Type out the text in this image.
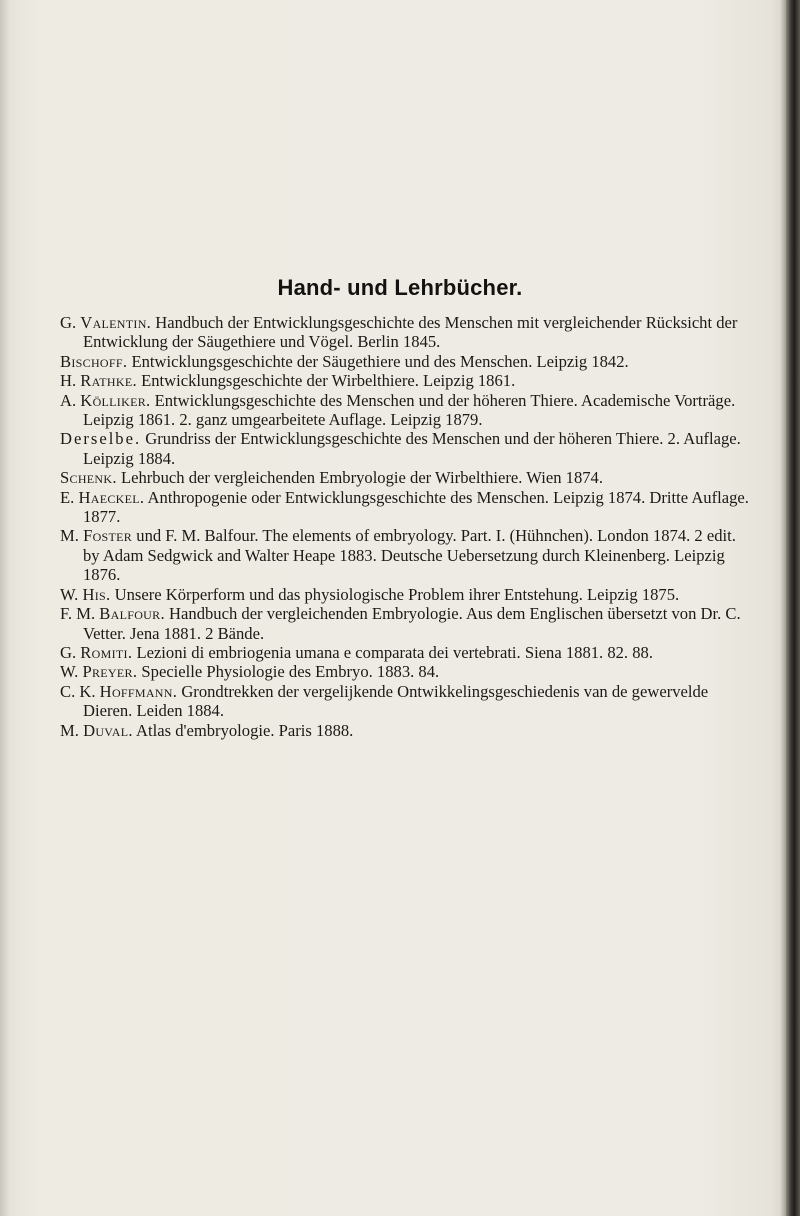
Hand- und Lehrbücher.
G. Valentin. Handbuch der Entwicklungsgeschichte des Menschen mit vergleichender Rücksicht der Entwicklung der Säugethiere und Vögel. Berlin 1845.
Bischoff. Entwicklungsgeschichte der Säugethiere und des Menschen. Leipzig 1842.
H. Rathke. Entwicklungsgeschichte der Wirbelthiere. Leipzig 1861.
A. Kölliker. Entwicklungsgeschichte des Menschen und der höheren Thiere. Academische Vorträge. Leipzig 1861. 2. ganz umgearbeitete Auflage. Leipzig 1879.
Derselbe. Grundriss der Entwicklungsgeschichte des Menschen und der höheren Thiere. 2. Auflage. Leipzig 1884.
Schenk. Lehrbuch der vergleichenden Embryologie der Wirbelthiere. Wien 1874.
E. Haeckel. Anthropogenie oder Entwicklungsgeschichte des Menschen. Leipzig 1874. Dritte Auflage. 1877.
M. Foster und F. M. Balfour. The elements of embryology. Part. I. (Hühnchen). London 1874. 2 edit. by Adam Sedgwick and Walter Heape 1883. Deutsche Uebersetzung durch Kleinenberg. Leipzig 1876.
W. His. Unsere Körperform und das physiologische Problem ihrer Entstehung. Leipzig 1875.
F. M. Balfour. Handbuch der vergleichenden Embryologie. Aus dem Englischen übersetzt von Dr. C. Vetter. Jena 1881. 2 Bände.
G. Romiti. Lezioni di embriogenia umana e comparata dei vertebrati. Siena 1881. 82. 88.
W. Preyer. Specielle Physiologie des Embryo. 1883. 84.
C. K. Hoffmann. Grondtrekken der vergelijkende Ontwikkelingsgeschiedenis van de gewervelde Dieren. Leiden 1884.
M. Duval. Atlas d'embryologie. Paris 1888.
